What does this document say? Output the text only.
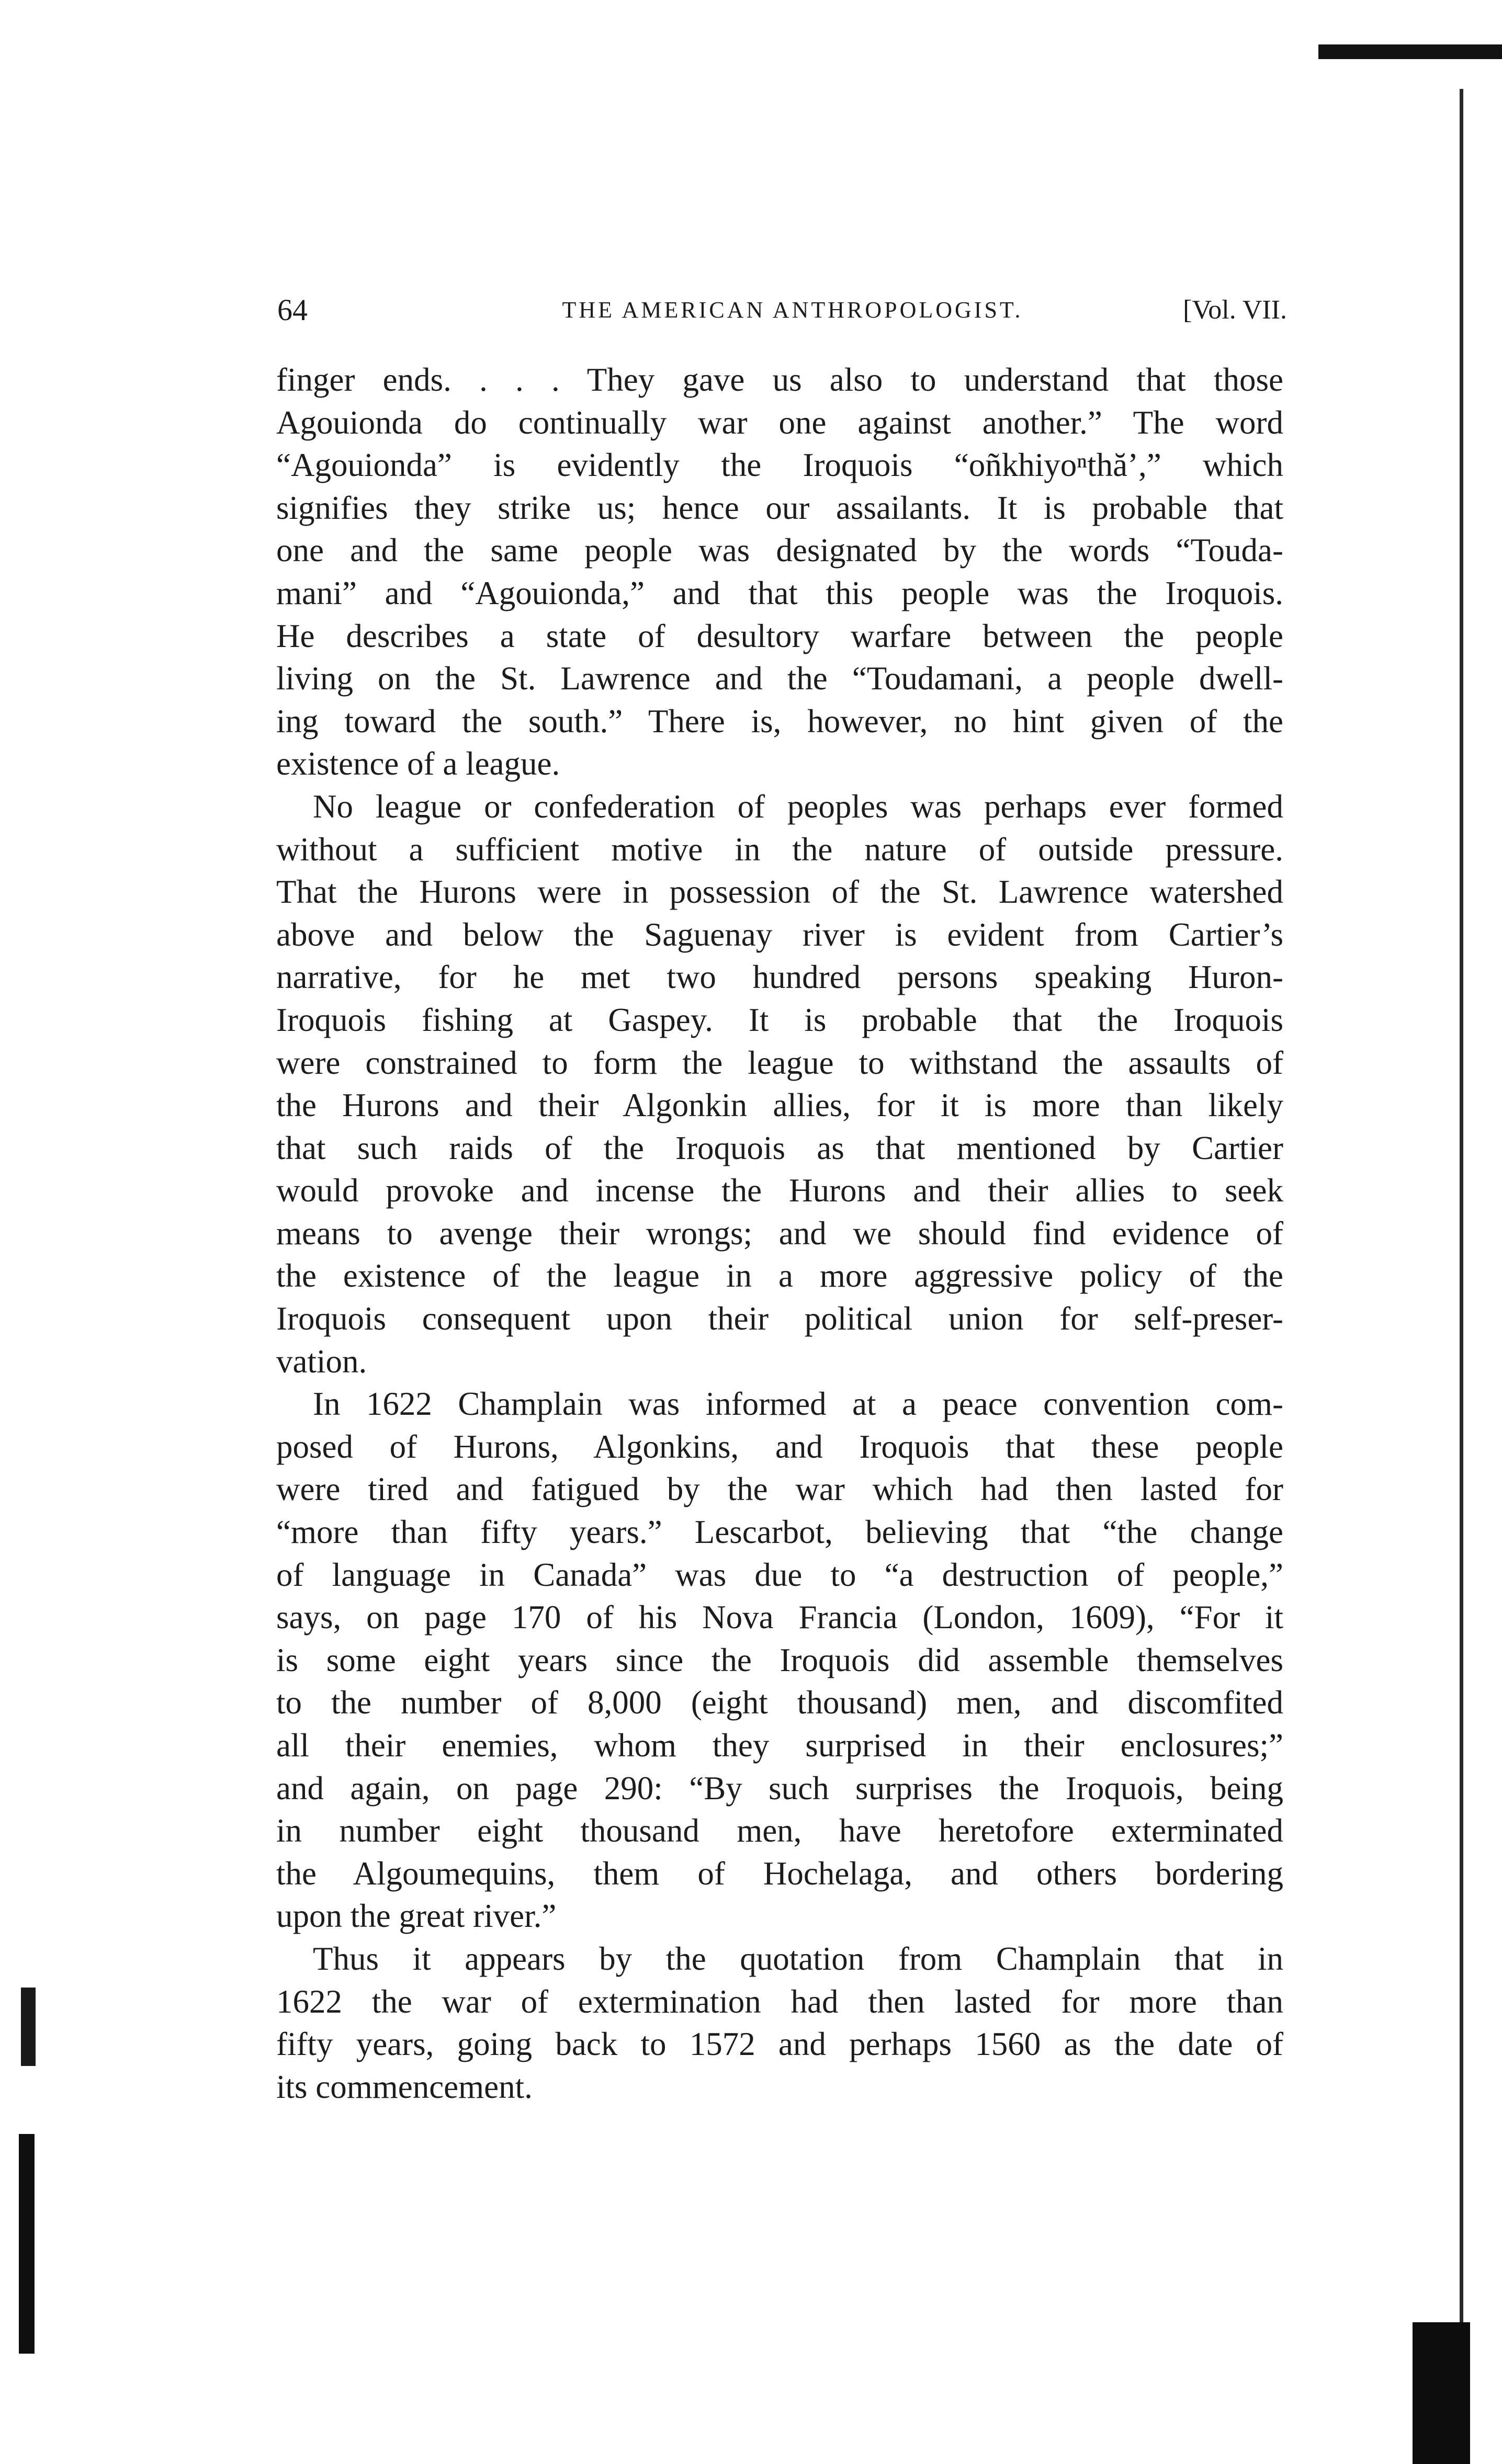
64	THE AMERICAN ANTHROPOLOGIST.	[Vol. VII.
finger ends. . . . They gave us also to understand that those
Agouionda do continually war one against another.” The word
“Agouionda” is evidently the Iroquois “oñkhiyoⁿthă’,” which
signifies they strike us; hence our assailants. It is probable that
one and the same people was designated by the words “Touda-
mani” and “Agouionda,” and that this people was the Iroquois.
He describes a state of desultory warfare between the people
living on the St. Lawrence and the “Toudamani, a people dwell-
ing toward the south.” There is, however, no hint given of the
existence of a league.
No league or confederation of peoples was perhaps ever formed
without a sufficient motive in the nature of outside pressure.
That the Hurons were in possession of the St. Lawrence watershed
above and below the Saguenay river is evident from Cartier’s
narrative, for he met two hundred persons speaking Huron-
Iroquois fishing at Gaspey. It is probable that the Iroquois
were constrained to form the league to withstand the assaults of
the Hurons and their Algonkin allies, for it is more than likely
that such raids of the Iroquois as that mentioned by Cartier
would provoke and incense the Hurons and their allies to seek
means to avenge their wrongs; and we should find evidence of
the existence of the league in a more aggressive policy of the
Iroquois consequent upon their political union for self-preser-
vation.
In 1622 Champlain was informed at a peace convention com-
posed of Hurons, Algonkins, and Iroquois that these people
were tired and fatigued by the war which had then lasted for
“more than fifty years.” Lescarbot, believing that “the change
of language in Canada” was due to “a destruction of people,”
says, on page 170 of his Nova Francia (London, 1609), “For it
is some eight years since the Iroquois did assemble themselves
to the number of 8,000 (eight thousand) men, and discomfited
all their enemies, whom they surprised in their enclosures;”
and again, on page 290: “By such surprises the Iroquois, being
in number eight thousand men, have heretofore exterminated
the Algoumequins, them of Hochelaga, and others bordering
upon the great river.”
Thus it appears by the quotation from Champlain that in
1622 the war of extermination had then lasted for more than
fifty years, going back to 1572 and perhaps 1560 as the date of
its commencement.
